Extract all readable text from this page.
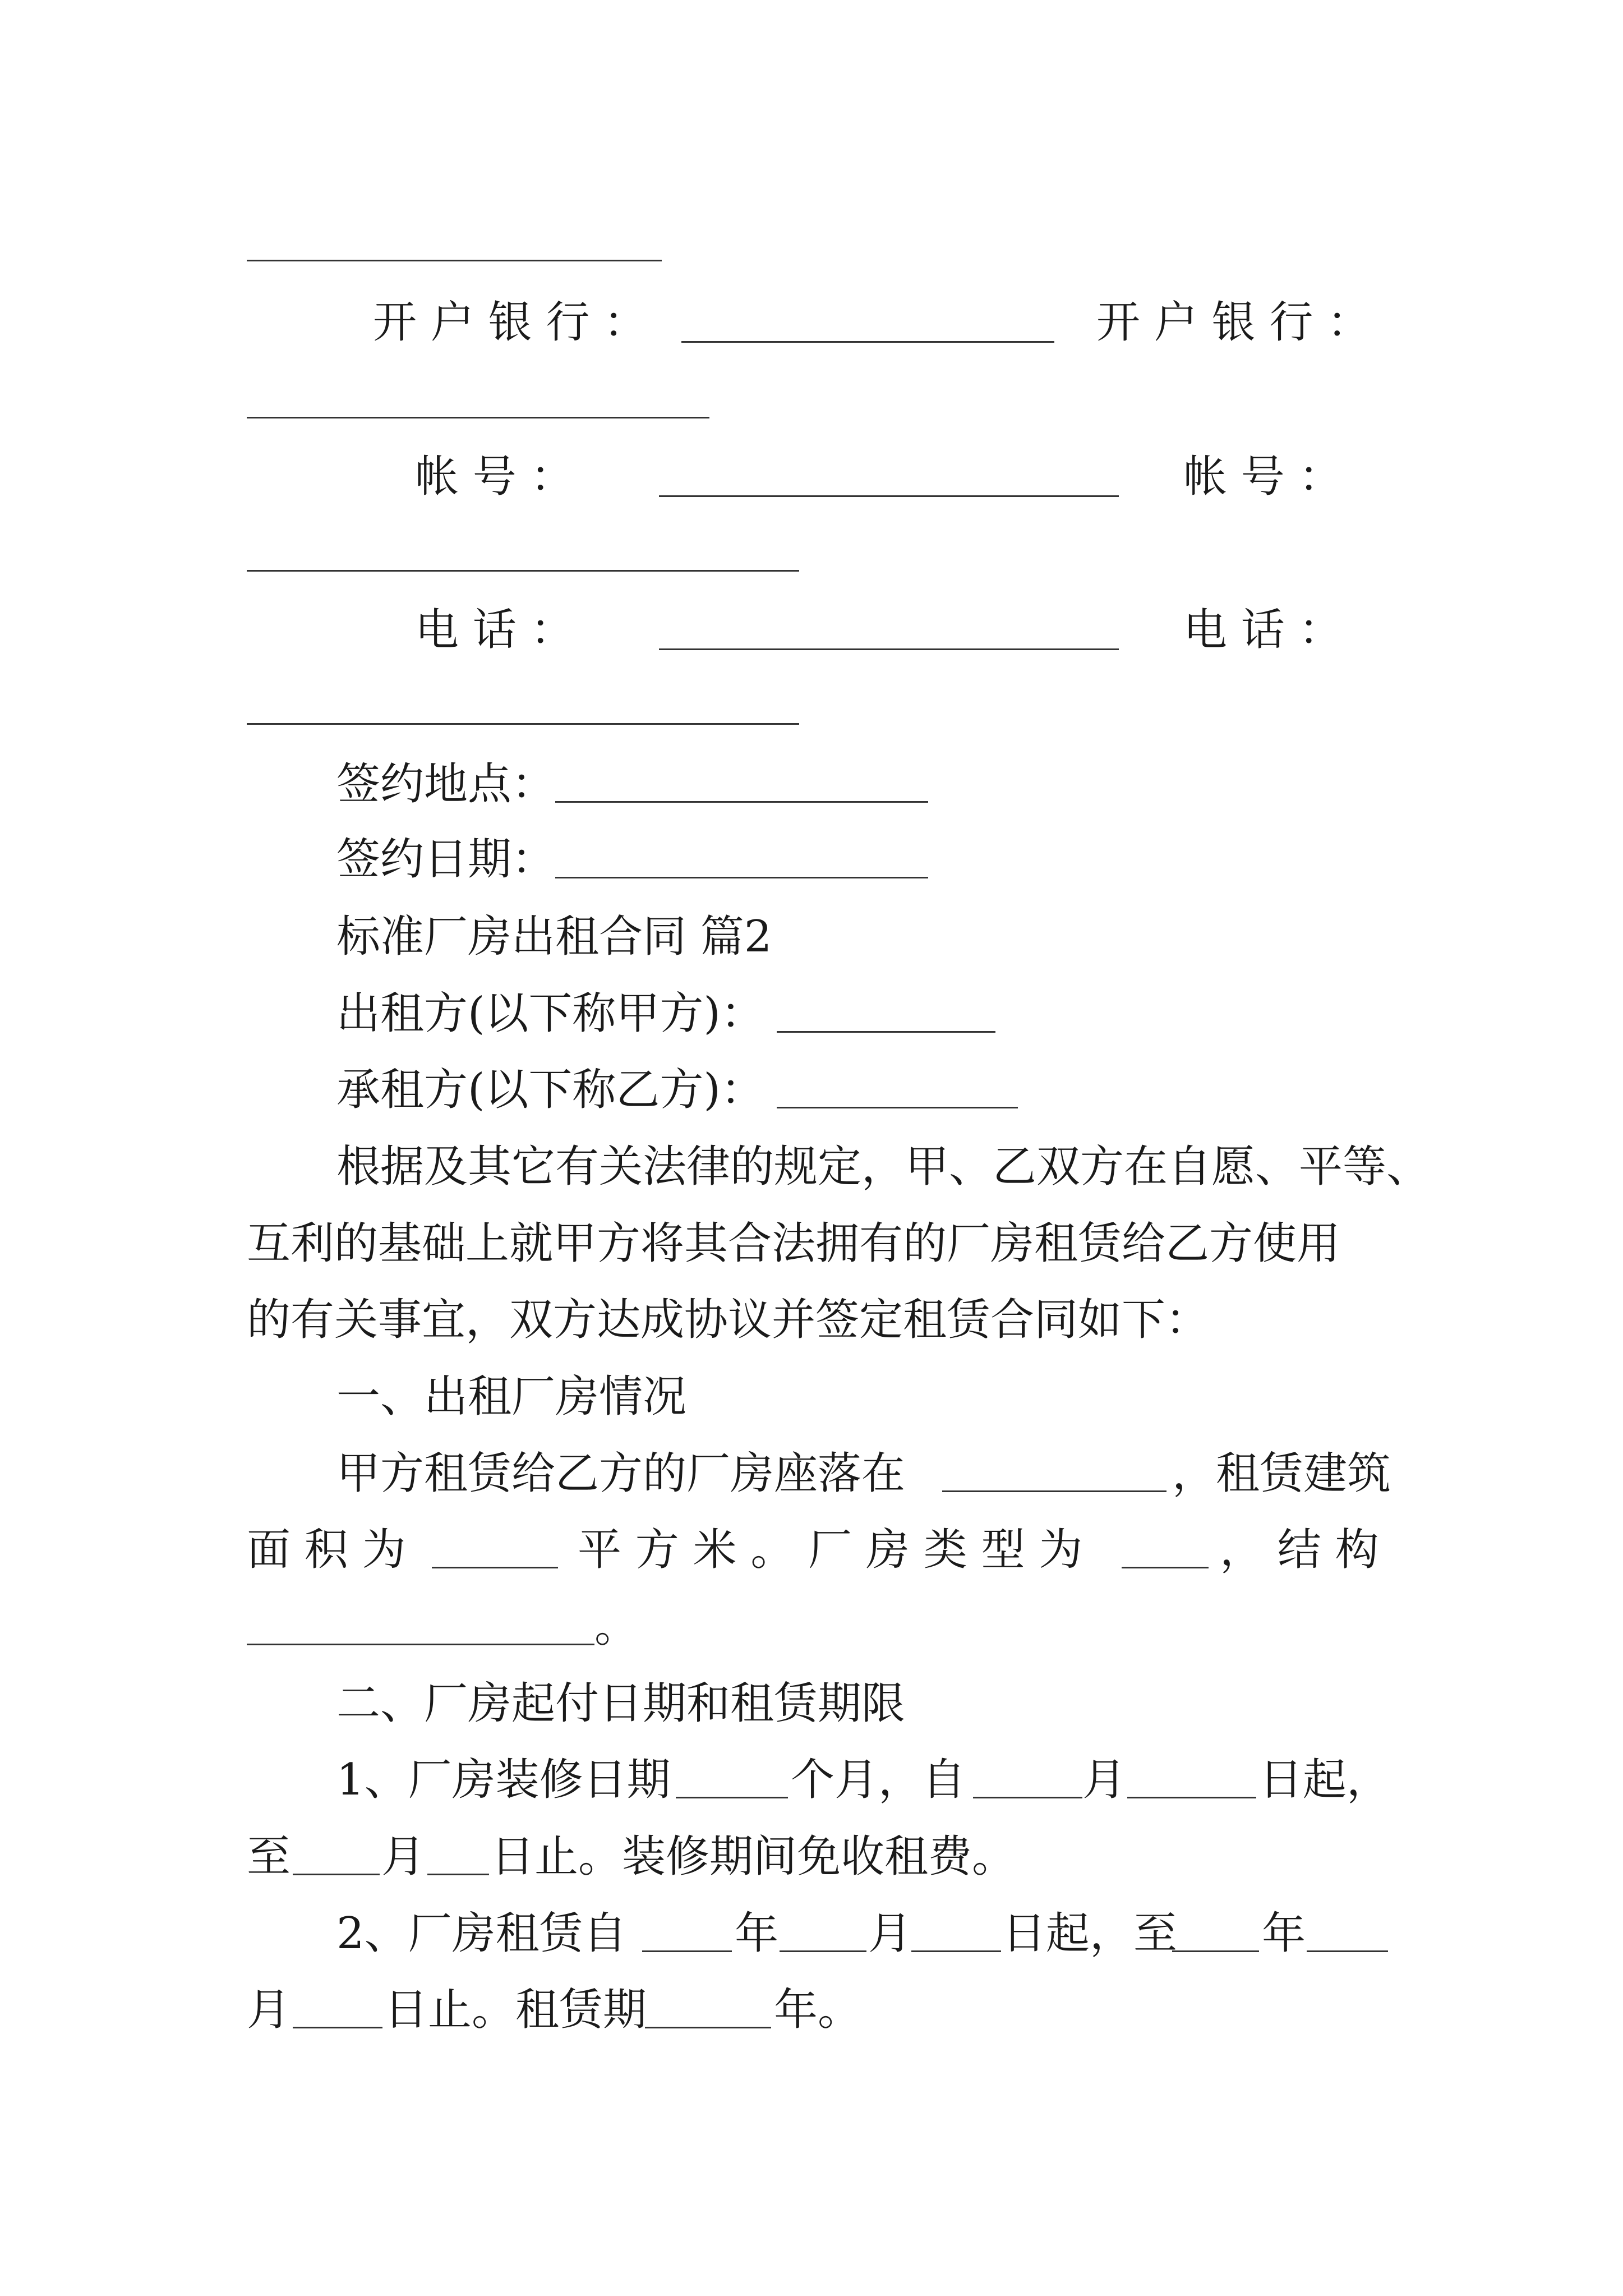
开 户 银 行 ：	开 户 银 行 ：
帐 号 ：	帐 号 ：
电 话 ：	电 话 ：
签约地点：
签约日期：
标准厂房出租合同 篇2
出租方(以下称甲方)：
承租方(以下称乙方)：
根据及其它有关法律的规定，甲、乙双方在自愿、平等、
互利的基础上就甲方将其合法拥有的厂房租赁给乙方使用
的有关事宜，双方达成协议并签定租赁合同如下：
一、出租厂房情况
甲方租赁给乙方的厂房座落在	，租赁建筑
面 积 为	平 方 米 。 厂 房 类 型 为	， 结 构
。
二、厂房起付日期和租赁期限
1、厂房装修日期	个月，自	月	日起，
至 月 日止。装修期间免收租费。
2、厂房租赁自 年 月 日起，至 年
月 日止。租赁期	年。
